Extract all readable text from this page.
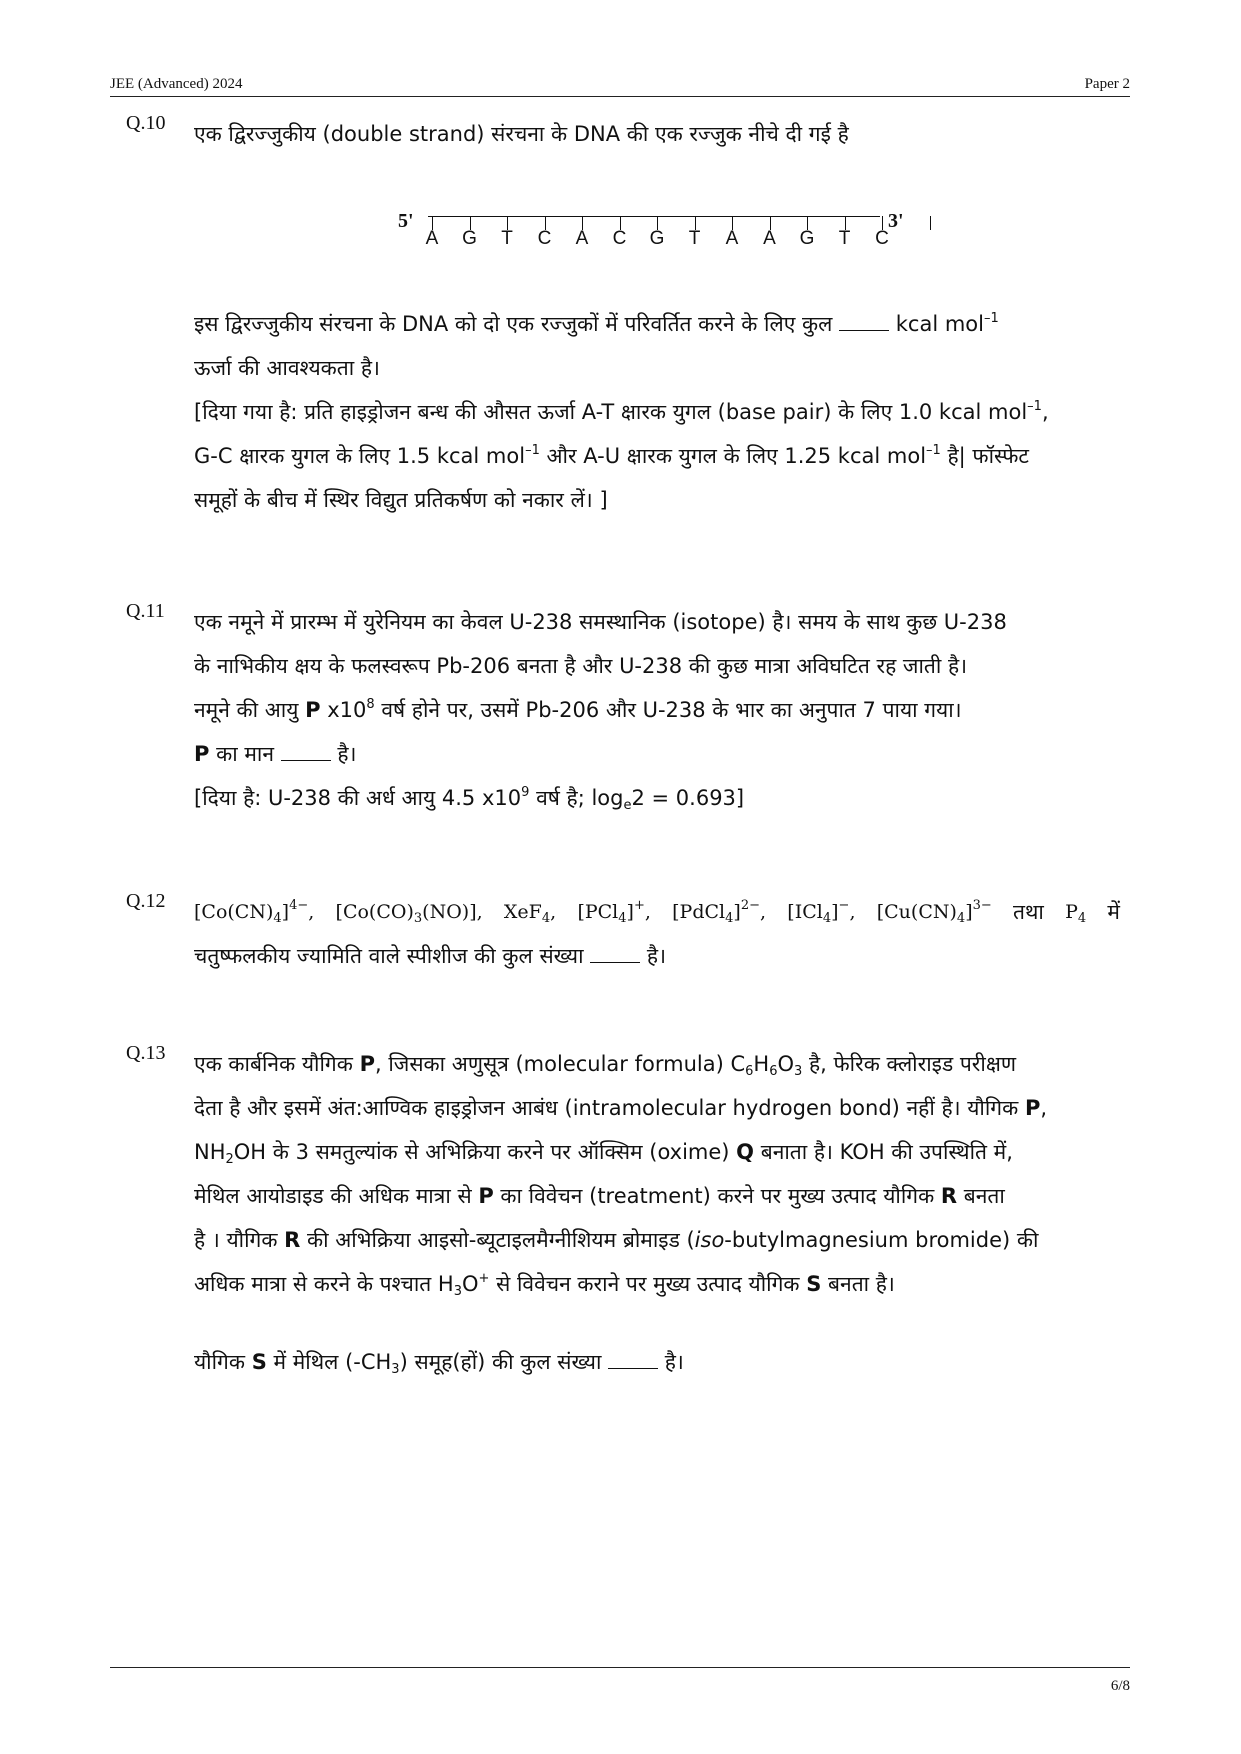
JEE (Advanced) 2024	Paper 2
Q.10 एक द्विरज्जुकीय (double strand) संरचना के DNA की एक रज्जुक नीचे दी गई है

5'	3'
A G T C A C G T A A G T C

इस द्विरज्जुकीय संरचना के DNA को दो एक रज्जुकों में परिवर्तित करने के लिए कुल	kcal mol$^{-1}$

ऊर्जा की आवश्यकता है।

[दिया गया है: प्रति हाइड्रोजन बन्ध की औसत ऊर्जा A-T क्षारक युगल (base pair) के लिए 1.0 kcal mol$^{-1}$,

G-C क्षारक युगल के लिए 1.5 kcal mol$^{-1}$ और A-U क्षारक युगल के लिए 1.25 kcal mol$^{-1}$ है| फॉस्फेट

समूहों के बीच में स्थिर विद्युत प्रतिकर्षण को नकार लें। ]

Q.11 एक नमूने में प्रारम्भ में युरेनियम का केवल U-238 समस्थानिक (isotope) है। समय के साथ कुछ U-238

के नाभिकीय क्षय के फलस्वरूप Pb-206 बनता है और U-238 की कुछ मात्रा अविघटित रह जाती है।

नमूने की आयु P $x10^8$ वर्ष होने पर, उसमें Pb-206 और U-238 के भार का अनुपात 7 पाया गया।

P का मान	है।

[दिया है: U-238 की अर्ध आयु 4.5 $x10^9$ वर्ष है; $\log_e2 = 0.693$]

Q.12 $[Co(CN)_4]^{4-}$, $[Co(CO)_3(NO)]$, XeF$_4$, [PCl$_4$]+, [PdCl$_4$]$^{2-}$, [ICl$_4$]−, $[Cu(CN)_4]^{3-}$ तथा $P_4$ में

चतुष्फलकीय ज्यामिति वाले स्पीशीज की कुल संख्या	है।

Q.13 एक कार्बनिक यौगिक P, जिसका अणुसूत्र (molecular formula) $C_6H_6O_3$ है, फेरिक क्लोराइड परीक्षण

देता है और इसमें अंत:आण्विक हाइड्रोजन आबंध (intramolecular hydrogen bond) नहीं है। यौगिक P,

$NH_2OH$ के 3 समतुल्यांक से अभिक्रिया करने पर ऑक्सिम (oxime) Q बनाता है। KOH की उपस्थिति में,

मेथिल आयोडाइड की अधिक मात्रा से P का विवेचन (treatment) करने पर मुख्य उत्पाद यौगिक R बनता

है । यौगिक R की अभिक्रिया आइसो-ब्यूटाइलमैग्नीशियम ब्रोमाइड (iso-butylmagnesium bromide) की

अधिक मात्रा से करने के पश्चात $H_3O^+$ से विवेचन कराने पर मुख्य उत्पाद यौगिक S बनता है।

यौगिक S में मेथिल $(-CH_3)$ समूह(हों) की कुल संख्या	है।

6/8
